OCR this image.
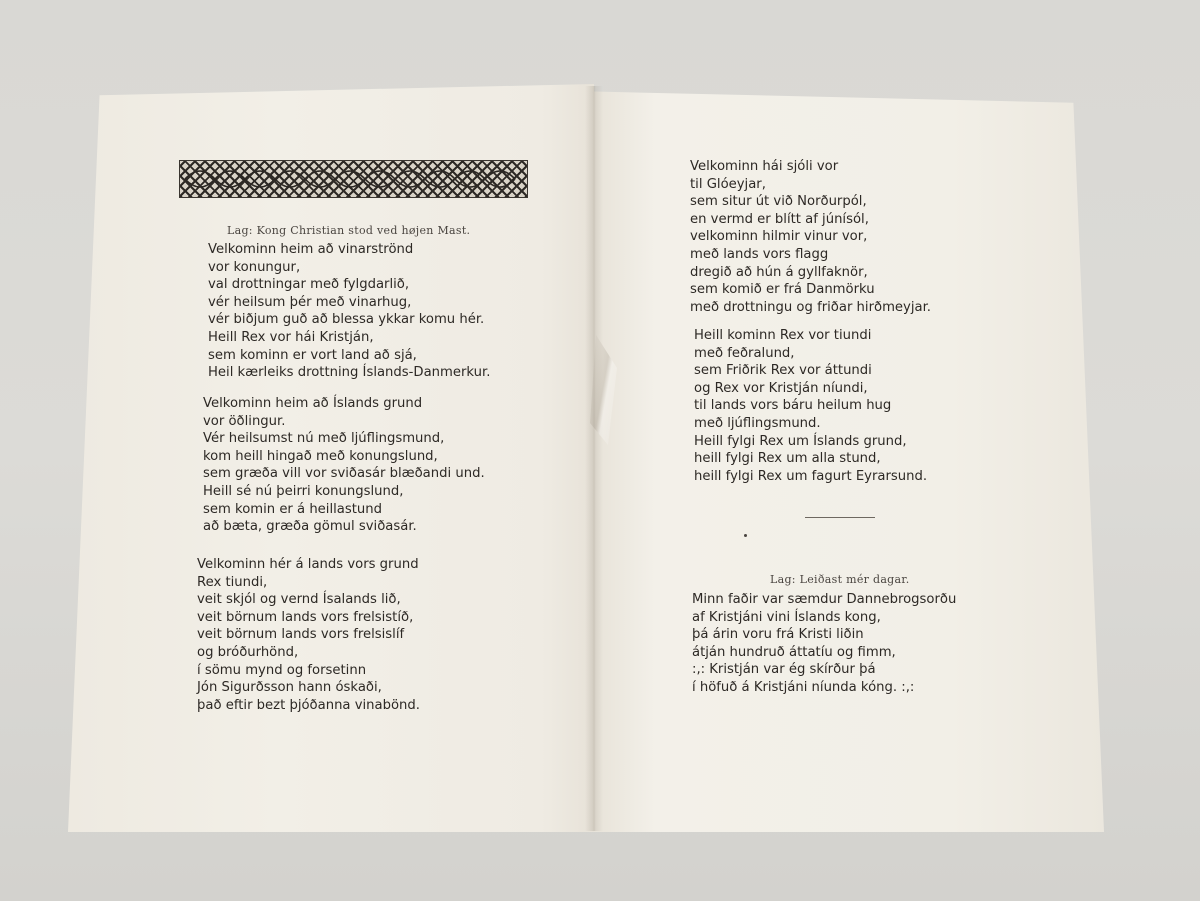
Lag: Kong Christian stod ved højen Mast.
Velkominn heim að vinarströnd
vor konungur,
val drottningar með fylgdarlið,
vér heilsum þér með vinarhug,
vér biðjum guð að blessa ykkar komu hér.
Heill Rex vor hái Kristján,
sem kominn er vort land að sjá,
Heil kærleiks drottning Íslands-Danmerkur.
Velkominn heim að Íslands grund
vor öðlingur.
Vér heilsumst nú með ljúflingsmund,
kom heill hingað með konungslund,
sem græða vill vor sviðasár blæðandi und.
Heill sé nú þeirri konungslund,
sem komin er á heillastund
að bæta, græða gömul sviðasár.
Velkominn hér á lands vors grund
Rex tiundi,
veit skjól og vernd Ísalands lið,
veit börnum lands vors frelsistíð,
veit börnum lands vors frelsislíf
og bróðurhönd,
í sömu mynd og forsetinn
Jón Sigurðsson hann óskaði,
það eftir bezt þjóðanna vinabönd.
Velkominn hái sjóli vor
til Glóeyjar,
sem situr út við Norðurpól,
en vermd er blítt af júnísól,
velkominn hilmir vinur vor,
með lands vors flagg
dregið að hún á gyllfaknör,
sem komið er frá Danmörku
með drottningu og friðar hirðmeyjar.
Heill kominn Rex vor tiundi
með feðralund,
sem Friðrik Rex vor áttundi
og Rex vor Kristján níundi,
til lands vors báru heilum hug
með ljúflingsmund.
Heill fylgi Rex um Íslands grund,
heill fylgi Rex um alla stund,
heill fylgi Rex um fagurt Eyrarsund.
Lag: Leiðast mér dagar.
Minn faðir var sæmdur Dannebrogsorðu
af Kristjáni vini Íslands kong,
þá árin voru frá Kristi liðin
átján hundruð áttatíu og fimm,
:,: Kristján var ég skírður þá
í höfuð á Kristjáni níunda kóng. :,:
